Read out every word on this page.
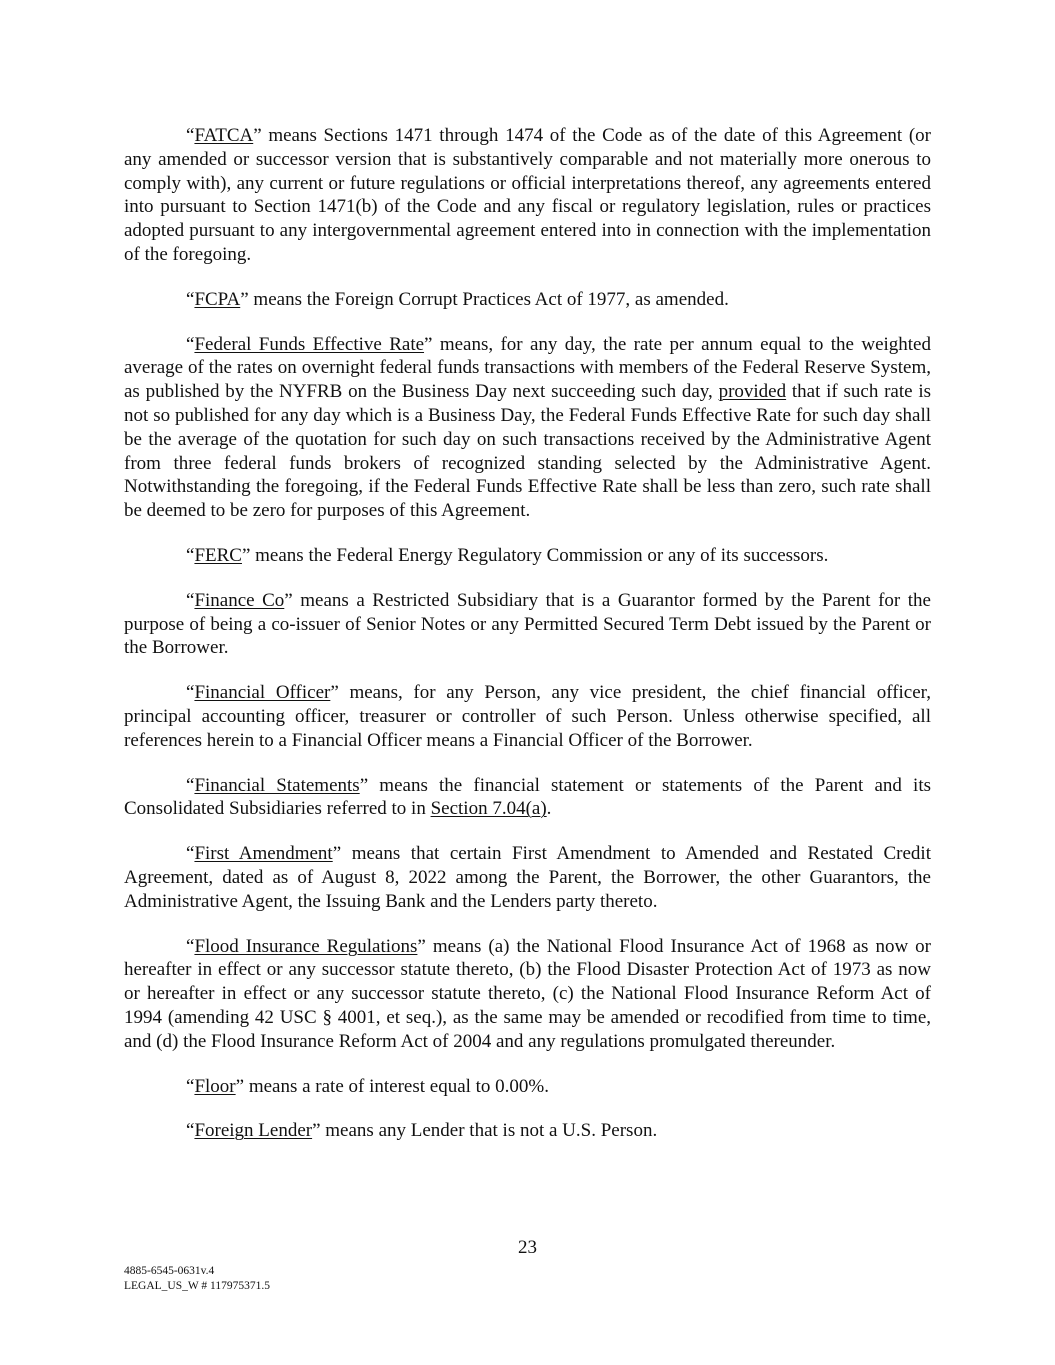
“FATCA” means Sections 1471 through 1474 of the Code as of the date of this Agreement (or any amended or successor version that is substantively comparable and not materially more onerous to comply with), any current or future regulations or official interpretations thereof, any agreements entered into pursuant to Section 1471(b) of the Code and any fiscal or regulatory legislation, rules or practices adopted pursuant to any intergovernmental agreement entered into in connection with the implementation of the foregoing.

“FCPA” means the Foreign Corrupt Practices Act of 1977, as amended.

“Federal Funds Effective Rate” means, for any day, the rate per annum equal to the weighted average of the rates on overnight federal funds transactions with members of the Federal Reserve System, as published by the NYFRB on the Business Day next succeeding such day, provided that if such rate is not so published for any day which is a Business Day, the Federal Funds Effective Rate for such day shall be the average of the quotation for such day on such transactions received by the Administrative Agent from three federal funds brokers of recognized standing selected by the Administrative Agent. Notwithstanding the foregoing, if the Federal Funds Effective Rate shall be less than zero, such rate shall be deemed to be zero for purposes of this Agreement.

“FERC” means the Federal Energy Regulatory Commission or any of its successors.

“Finance Co” means a Restricted Subsidiary that is a Guarantor formed by the Parent for the purpose of being a co-issuer of Senior Notes or any Permitted Secured Term Debt issued by the Parent or the Borrower.

“Financial Officer” means, for any Person, any vice president, the chief financial officer, principal accounting officer, treasurer or controller of such Person. Unless otherwise specified, all references herein to a Financial Officer means a Financial Officer of the Borrower.

“Financial Statements” means the financial statement or statements of the Parent and its Consolidated Subsidiaries referred to in Section 7.04(a).

“First Amendment” means that certain First Amendment to Amended and Restated Credit Agreement, dated as of August 8, 2022 among the Parent, the Borrower, the other Guarantors, the Administrative Agent, the Issuing Bank and the Lenders party thereto.

“Flood Insurance Regulations” means (a) the National Flood Insurance Act of 1968 as now or hereafter in effect or any successor statute thereto, (b) the Flood Disaster Protection Act of 1973 as now or hereafter in effect or any successor statute thereto, (c) the National Flood Insurance Reform Act of 1994 (amending 42 USC § 4001, et seq.), as the same may be amended or recodified from time to time, and (d) the Flood Insurance Reform Act of 2004 and any regulations promulgated thereunder.

“Floor” means a rate of interest equal to 0.00%.

“Foreign Lender” means any Lender that is not a U.S. Person.

23
4885-6545-0631v.4
LEGAL_US_W # 117975371.5
